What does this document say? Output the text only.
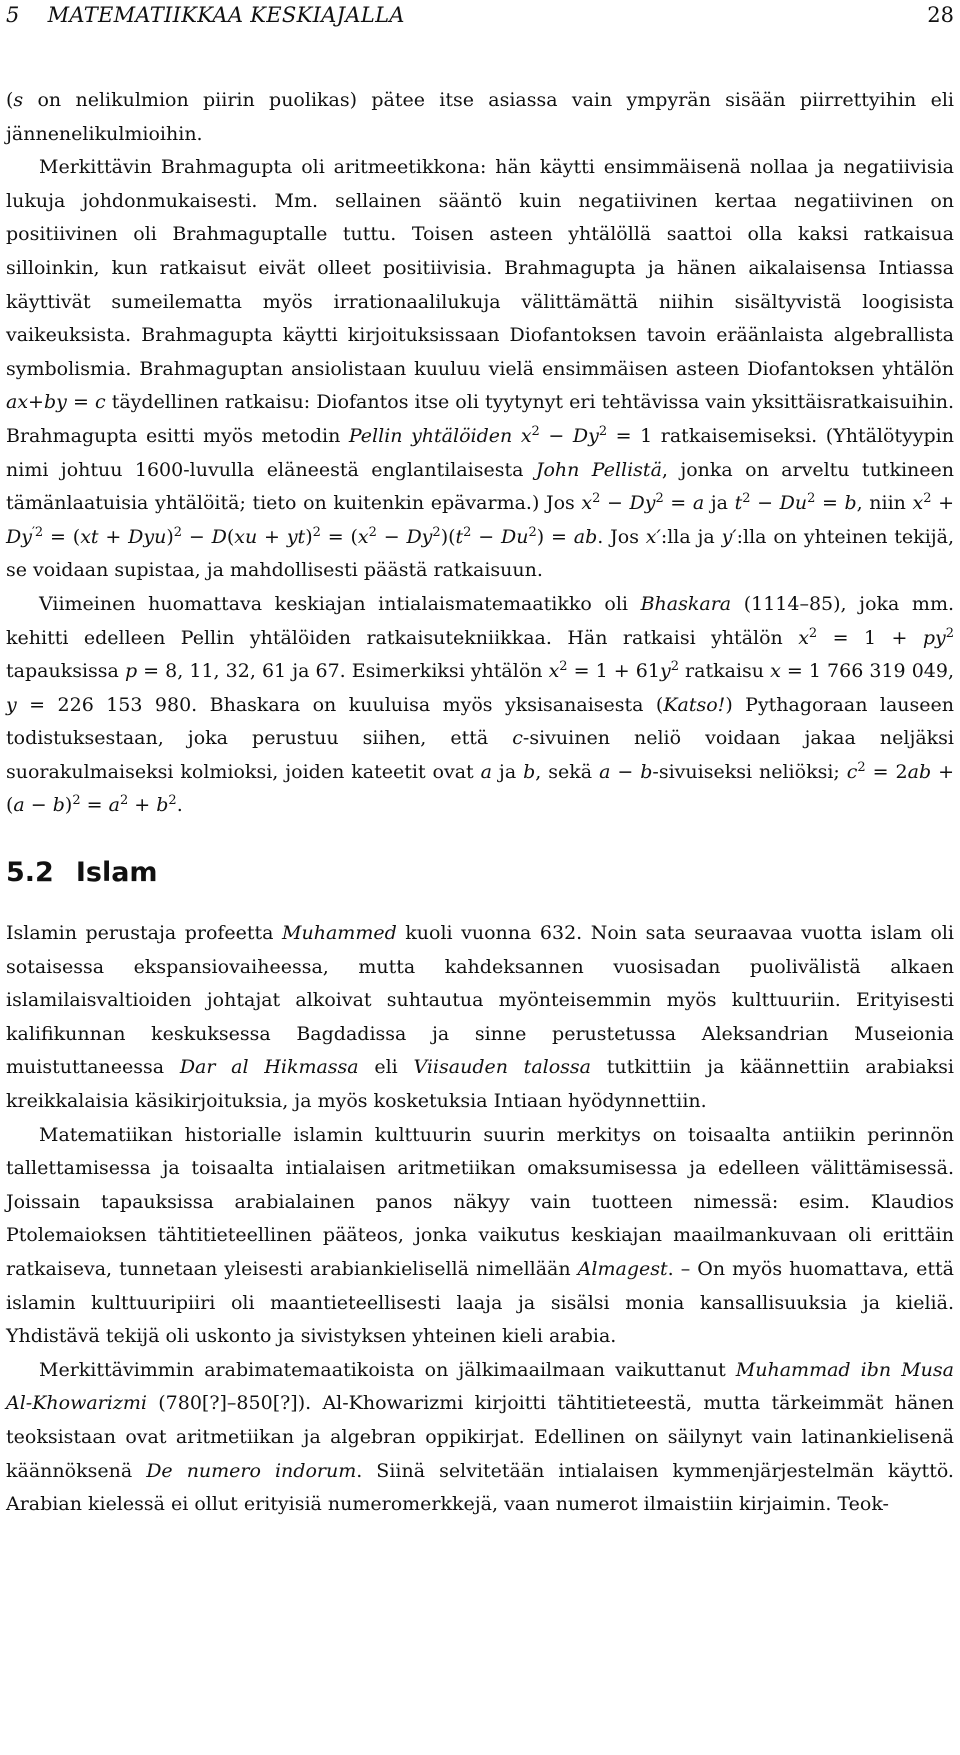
5 MATEMATIIKKAA KESKIAJALLA	28

(s on nelikulmion piirin puolikas) pätee itse asiassa vain ympyrän sisään piirrettyihin eli jännenelikulmioihin.

Merkittävin Brahmagupta oli aritmeetikkona: hän käytti ensimmäisenä nollaa ja negatiivisia lukuja johdonmukaisesti. Mm. sellainen sääntö kuin negatiivinen kertaa negatiivinen on positiivinen oli Brahmaguptalle tuttu. Toisen asteen yhtälöllä saattoi olla kaksi ratkaisua silloinkin, kun ratkaisut eivät olleet positiivisia. Brahmagupta ja hänen aikalaisensa Intiassa käyttivät sumeilematta myös irrationaalilukuja välittämättä niihin sisältyvistä loogisista vaikeuksista. Brahmagupta käytti kirjoituksissaan Diofantoksen tavoin eräänlaista algebrallista symbolismia. Brahmaguptan ansiolistaan kuuluu vielä ensimmäisen asteen Diofantoksen yhtälön ax+by = c täydellinen ratkaisu: Diofantos itse oli tyytynyt eri tehtävissa vain yksittäisratkaisuihin. Brahmagupta esitti myös metodin Pellin yhtälöiden $x^2 - Dy^2 = 1$ ratkaisemiseksi. (Yhtälötyypin nimi johtuu 1600-luvulla eläneestä englantilaisesta John Pellistä, jonka on arveltu tutkineen tämänlaatuisia yhtälöitä; tieto on kuitenkin epävarma.) Jos $x^2 - Dy^2 = a$ ja $t^2 - Du^2 = b$, niin $x^2 + Dy^{'2} = (xt + Dyu)^2 - D(xu + yt)^2 = (x^2 - Dy^2)(t^2 - Du^2)$ = ab. Jos x′:lla ja y′:lla on yhteinen tekijä, se voidaan supistaa, ja mahdollisesti päästä ratkaisuun.

Viimeinen huomattava keskiajan intialaismatemaatikko oli Bhaskara (1114–85), joka mm. kehitti edelleen Pellin yhtälöiden ratkaisutekniikkaa. Hän ratkaisi yhtälön $x^2 = 1 + py^2$ tapauksissa p = 8, 11, 32, 61 ja 67. Esimerkiksi yhtälön $x^2 = 1 + 61y^2$ ratkaisu x = 1 766 319 049, y = 226 153 980. Bhaskara on kuuluisa myös yksisanaisesta (Katso!) Pythagoraan lauseen todistuksestaan, joka perustuu siihen, että c-sivuinen neliö voidaan jakaa neljäksi suorakulmaiseksi kolmioksi, joiden kateetit ovat a ja b, sekä a − b-sivuiseksi neliöksi; $c^2 = 2ab + (a - b)^2 = a^2 + b^2$.

5.2 Islam

Islamin perustaja profeetta Muhammed kuoli vuonna 632. Noin sata seuraavaa vuotta islam oli sotaisessa ekspansiovaiheessa, mutta kahdeksannen vuosisadan puolivälistä alkaen islamilaisvaltioiden johtajat alkoivat suhtautua myönteisemmin myös kulttuuriin. Erityisesti kalifikunnan keskuksessa Bagdadissa ja sinne perustetussa Aleksandrian Museionia muistuttaneessa Dar al Hikmassa eli Viisauden talossa tutkittiin ja käännettiin arabiaksi kreikkalaisia käsikirjoituksia, ja myös kosketuksia Intiaan hyödynnettiin.

Matematiikan historialle islamin kulttuurin suurin merkitys on toisaalta antiikin perinnön tallettamisessa ja toisaalta intialaisen aritmetiikan omaksumisessa ja edelleen välittämisessä. Joissain tapauksissa arabialainen panos näkyy vain tuotteen nimessä: esim. Klaudios Ptolemaioksen tähtitieteellinen pääteos, jonka vaikutus keskiajan maailmankuvaan oli erittäin ratkaiseva, tunnetaan yleisesti arabiankielisellä nimellään Almagest. – On myös huomattava, että islamin kulttuuripiiri oli maantieteellisesti laaja ja sisälsi monia kansallisuuksia ja kieliä. Yhdistävä tekijä oli uskonto ja sivistyksen yhteinen kieli arabia.

Merkittävimmin arabimatemaatikoista on jälkimaailmaan vaikuttanut Muhammad ibn Musa Al-Khowarizmi (780[?]–850[?]). Al-Khowarizmi kirjoitti tähtitieteestä, mutta tärkeimmät hänen teoksistaan ovat aritmetiikan ja algebran oppikirjat. Edellinen on säilynyt vain latinankielisenä käännöksenä De numero indorum. Siinä selvitetään intialaisen kymmenjärjestelmän käyttö. Arabian kielessä ei ollut erityisiä numeromerkkejä, vaan numerot ilmaistiin kirjaimin. Teok-
